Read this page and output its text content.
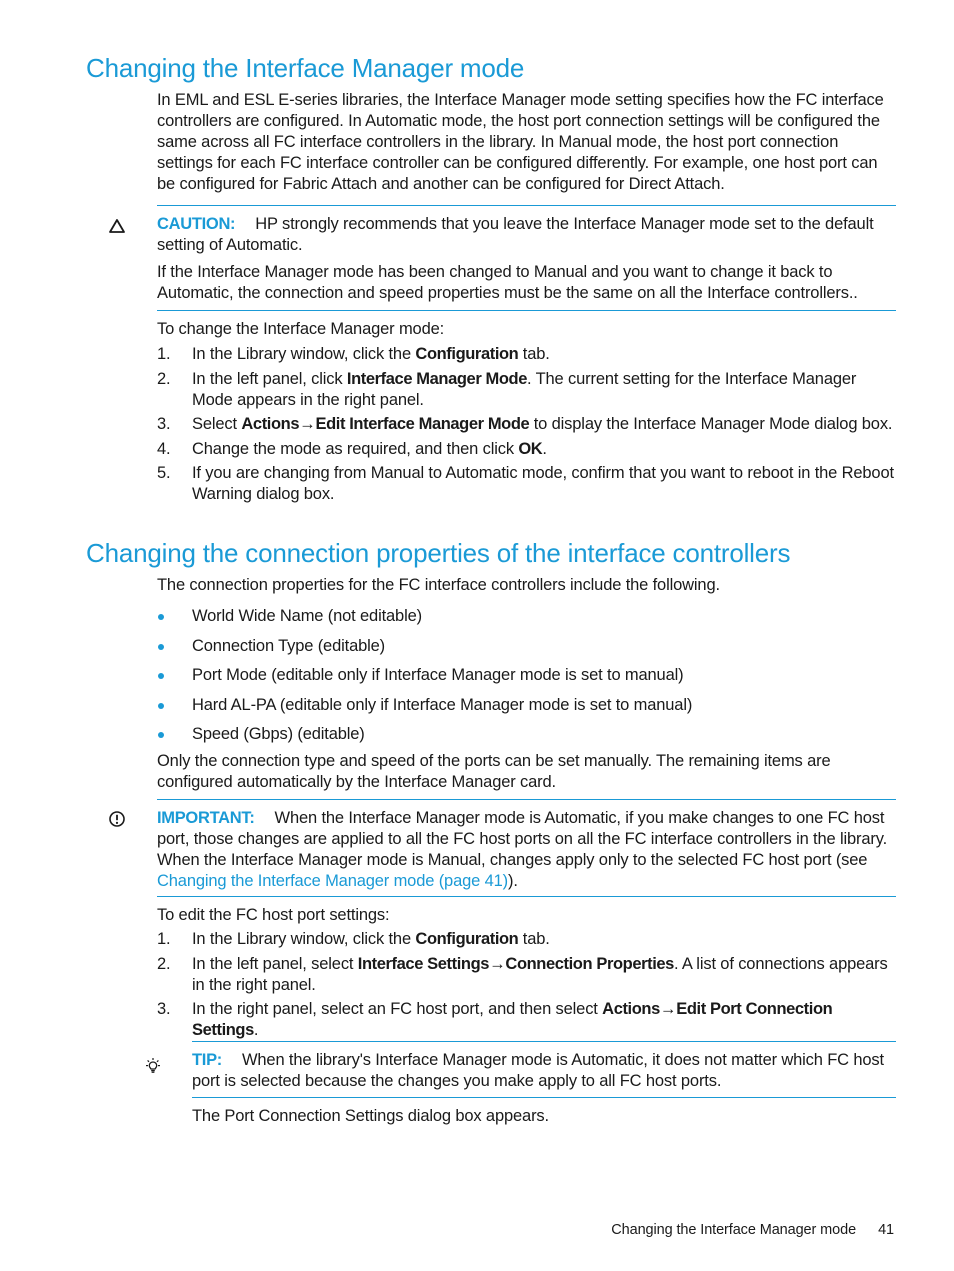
Changing the Interface Manager mode

In EML and ESL E-series libraries, the Interface Manager mode setting specifies how the FC interface controllers are configured. In Automatic mode, the host port connection settings will be configured the same across all FC interface controllers in the library. In Manual mode, the host port connection settings for each FC interface controller can be configured differently. For example, one host port can be configured for Fabric Attach and another can be configured for Direct Attach.

CAUTION: HP strongly recommends that you leave the Interface Manager mode set to the default setting of Automatic.

If the Interface Manager mode has been changed to Manual and you want to change it back to Automatic, the connection and speed properties must be the same on all the Interface controllers..

To change the Interface Manager mode:

1. In the Library window, click the Configuration tab.
2. In the left panel, click Interface Manager Mode. The current setting for the Interface Manager Mode appears in the right panel.
3. Select Actions→Edit Interface Manager Mode to display the Interface Manager Mode dialog box.
4. Change the mode as required, and then click OK.
5. If you are changing from Manual to Automatic mode, confirm that you want to reboot in the Reboot Warning dialog box.
Changing the connection properties of the interface controllers

The connection properties for the FC interface controllers include the following.

World Wide Name (not editable)
Connection Type (editable)
Port Mode (editable only if Interface Manager mode is set to manual)
Hard AL-PA (editable only if Interface Manager mode is set to manual)
Speed (Gbps) (editable)

Only the connection type and speed of the ports can be set manually. The remaining items are configured automatically by the Interface Manager card.

IMPORTANT: When the Interface Manager mode is Automatic, if you make changes to one FC host port, those changes are applied to all the FC host ports on all the FC interface controllers in the library. When the Interface Manager mode is Manual, changes apply only to the selected FC host port (see Changing the Interface Manager mode (page 41)).

To edit the FC host port settings:

1. In the Library window, click the Configuration tab.
2. In the left panel, select Interface Settings→Connection Properties. A list of connections appears in the right panel.
3. In the right panel, select an FC host port, and then select Actions→Edit Port Connection Settings.

TIP: When the library's Interface Manager mode is Automatic, it does not matter which FC host port is selected because the changes you make apply to all FC host ports.

The Port Connection Settings dialog box appears.

Changing the Interface Manager mode 41
